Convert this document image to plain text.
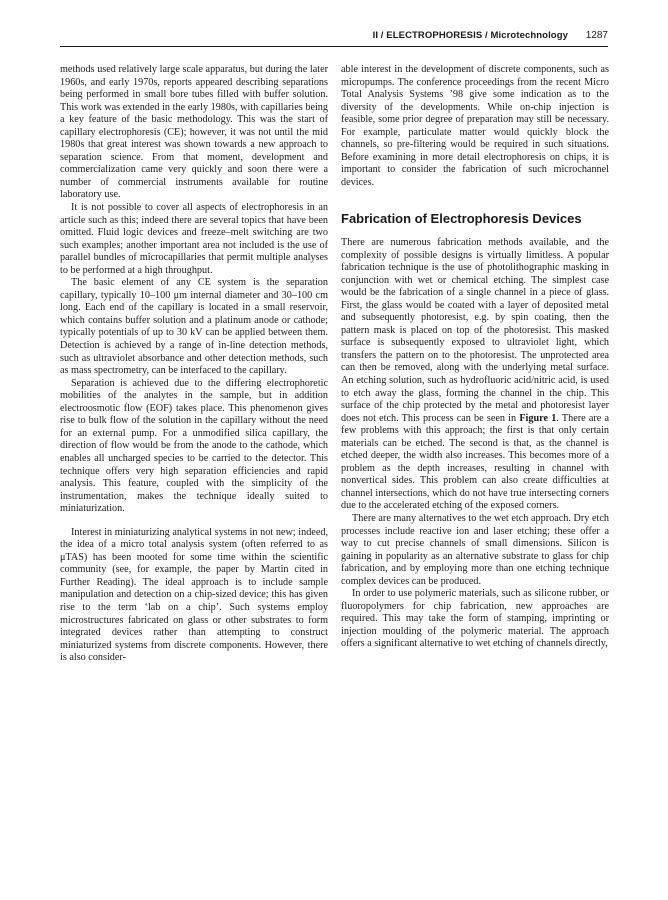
II / ELECTROPHORESIS / Microtechnology 1287

methods used relatively large scale apparatus, but during the later 1960s, and early 1970s, reports appeared describing separations being performed in small bore tubes filled with buffer solution. This work was extended in the early 1980s, with capillaries being a key feature of the basic methodology. This was the start of capillary electrophoresis (CE); however, it was not until the mid 1980s that great interest was shown towards a new approach to separation science. From that moment, development and commercialization came very quickly and soon there were a number of commercial instruments available for routine laboratory use.

It is not possible to cover all aspects of electrophoresis in an article such as this; indeed there are several topics that have been omitted. Fluid logic devices and freeze–melt switching are two such examples; another important area not included is the use of parallel bundles of microcapillaries that permit multiple analyses to be performed at a high throughput.

The basic element of any CE system is the separation capillary, typically 10–100 μm internal diameter and 30–100 cm long. Each end of the capillary is located in a small reservoir, which contains buffer solution and a platinum anode or cathode; typically potentials of up to 30 kV can be applied between them. Detection is achieved by a range of in-line detection methods, such as ultraviolet absorbance and other detection methods, such as mass spectrometry, can be interfaced to the capillary.

Separation is achieved due to the differing electrophoretic mobilities of the analytes in the sample, but in addition electroosmotic flow (EOF) takes place. This phenomenon gives rise to bulk flow of the solution in the capillary without the need for an external pump. For a unmodified silica capillary, the direction of flow would be from the anode to the cathode, which enables all uncharged species to be carried to the detector. This technique offers very high separation efficiencies and rapid analysis. This feature, coupled with the simplicity of the instrumentation, makes the technique ideally suited to miniaturization.

Interest in miniaturizing analytical systems in not new; indeed, the idea of a micro total analysis system (often referred to as μTAS) has been mooted for some time within the scientific community (see, for example, the paper by Martin cited in Further Reading). The ideal approach is to include sample manipulation and detection on a chip-sized device; this has given rise to the term ‘lab on a chip’. Such systems employ microstructures fabricated on glass or other substrates to form integrated devices rather than attempting to construct miniaturized systems from discrete components. However, there is also consider-

able interest in the development of discrete components, such as micropumps. The conference proceedings from the recent Micro Total Analysis Systems ’98 give some indication as to the diversity of the developments. While on-chip injection is feasible, some prior degree of preparation may still be necessary. For example, particulate matter would quickly block the channels, so pre-filtering would be required in such situations. Before examining in more detail electrophoresis on chips, it is important to consider the fabrication of such microchannel devices.

Fabrication of Electrophoresis Devices

There are numerous fabrication methods available, and the complexity of possible designs is virtually limitless. A popular fabrication technique is the use of photolithographic masking in conjunction with wet or chemical etching. The simplest case would be the fabrication of a single channel in a piece of glass. First, the glass would be coated with a layer of deposited metal and subsequently photoresist, e.g. by spin coating, then the pattern mask is placed on top of the photoresist. This masked surface is subsequently exposed to ultraviolet light, which transfers the pattern on to the photoresist. The unprotected area can then be removed, along with the underlying metal surface. An etching solution, such as hydrofluoric acid/nitric acid, is used to etch away the glass, forming the channel in the chip. This surface of the chip protected by the metal and photoresist layer does not etch. This process can be seen in Figure 1. There are a few problems with this approach; the first is that only certain materials can be etched. The second is that, as the channel is etched deeper, the width also increases. This becomes more of a problem as the depth increases, resulting in channel with nonvertical sides. This problem can also create difficulties at channel intersections, which do not have true intersecting corners due to the accelerated etching of the exposed corners.

There are many alternatives to the wet etch approach. Dry etch processes include reactive ion and laser etching; these offer a way to cut precise channels of small dimensions. Silicon is gaining in popularity as an alternative substrate to glass for chip fabrication, and by employing more than one etching technique complex devices can be produced.

In order to use polymeric materials, such as silicone rubber, or fluoropolymers for chip fabrication, new approaches are required. This may take the form of stamping, imprinting or injection moulding of the polymeric material. The approach offers a significant alternative to wet etching of channels directly,
